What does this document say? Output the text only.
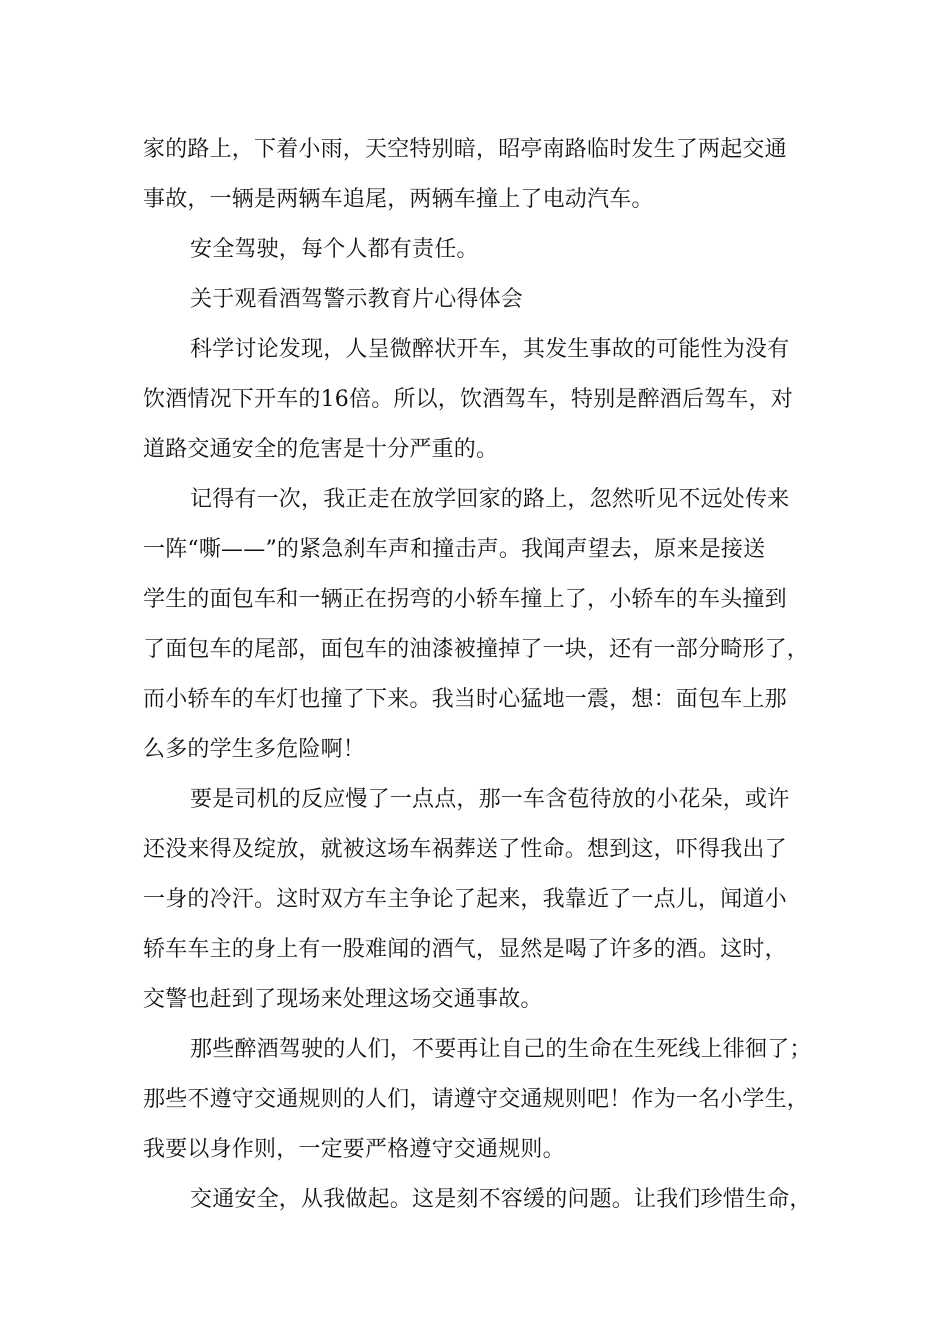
家的路上，下着小雨，天空特别暗，昭亭南路临时发生了两起交通
事故，一辆是两辆车追尾，两辆车撞上了电动汽车。
安全驾驶，每个人都有责任。
关于观看酒驾警示教育片心得体会
科学讨论发现，人呈微醉状开车，其发生事故的可能性为没有
饮酒情况下开车的16倍。所以，饮酒驾车，特别是醉酒后驾车，对
道路交通安全的危害是十分严重的。
记得有一次，我正走在放学回家的路上，忽然听见不远处传来
一阵“嘶——”的紧急刹车声和撞击声。我闻声望去，原来是接送
学生的面包车和一辆正在拐弯的小轿车撞上了，小轿车的车头撞到
了面包车的尾部，面包车的油漆被撞掉了一块，还有一部分畸形了，
而小轿车的车灯也撞了下来。我当时心猛地一震，想：面包车上那
么多的学生多危险啊！
要是司机的反应慢了一点点，那一车含苞待放的小花朵，或许
还没来得及绽放，就被这场车祸葬送了性命。想到这，吓得我出了
一身的冷汗。这时双方车主争论了起来，我靠近了一点儿，闻道小
轿车车主的身上有一股难闻的酒气，显然是喝了许多的酒。这时，
交警也赶到了现场来处理这场交通事故。
那些醉酒驾驶的人们，不要再让自己的生命在生死线上徘徊了；
那些不遵守交通规则的人们，请遵守交通规则吧！作为一名小学生，
我要以身作则，一定要严格遵守交通规则。
交通安全，从我做起。这是刻不容缓的问题。让我们珍惜生命，
